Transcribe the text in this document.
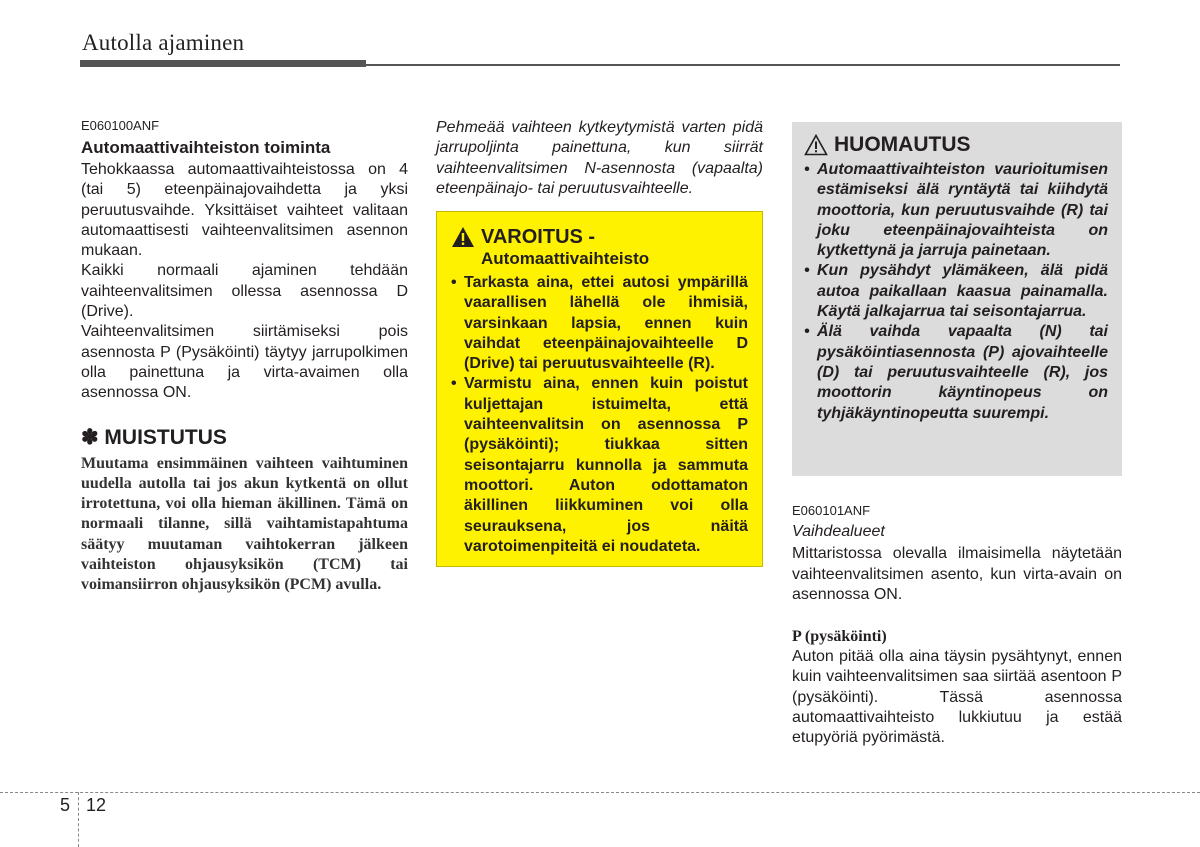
Autolla ajaminen
E060100ANF
Automaattivaihteiston toiminta

Tehokkaassa automaattivaihteistossa on 4 (tai 5) eteenpäinajovaihdetta ja yksi peruutusvaihde. Yksittäiset vaihteet valitaan automaattisesti vaihteenvalitsimen asennon mukaan.

Kaikki normaali ajaminen tehdään vaihteenvalitsimen ollessa asennossa D (Drive).

Vaihteenvalitsimen siirtämiseksi pois asennosta P (Pysäköinti) täytyy jarrupolkimen olla painettuna ja virta-avaimen olla asennossa ON.

✽ MUISTUTUS
Muutama ensimmäinen vaihteen vaihtuminen uudella autolla tai jos akun kytkentä on ollut irrotettuna, voi olla hieman äkillinen. Tämä on normaali tilanne, sillä vaihtamistapahtuma säätyy muutaman vaihtokerran jälkeen vaihteiston ohjausyksikön (TCM) tai voimansiirron ohjausyksikön (PCM) avulla.

Pehmeää vaihteen kytkeytymistä varten pidä jarrupoljinta painettuna, kun siirrät vaihteenvalitsimen N-asennosta (vapaalta) eteenpäinajo- tai peruutusvaihteelle.

VAROITUS -
Automaattivaihteisto
• Tarkasta aina, ettei autosi ympärillä vaarallisen lähellä ole ihmisiä, varsinkaan lapsia, ennen kuin vaihdat eteenpäinajovaihteelle D (Drive) tai peruutusvaihteelle (R).
• Varmistu aina, ennen kuin poistut kuljettajan istuimelta, että vaihteenvalitsin on asennossa P (pysäköinti); tiukkaa sitten seisontajarru kunnolla ja sammuta moottori. Auton odottamaton äkillinen liikkuminen voi olla seurauksena, jos näitä varotoimenpiteitä ei noudateta.
HUOMAUTUS
• Automaattivaihteiston vaurioitumisen estämiseksi älä ryntäytä tai kiihdytä moottoria, kun peruutusvaihde (R) tai joku eteenpäinajovaihteista on kytkettynä ja jarruja painetaan.
• Kun pysähdyt ylämäkeen, älä pidä autoa paikallaan kaasua painamalla. Käytä jalkajarrua tai seisontajarrua.
• Älä vaihda vapaalta (N) tai pysäköintiasennosta (P) ajovaihteelle (D) tai peruutusvaihteelle (R), jos moottorin käyntinopeus on tyhjäkäyntinopeutta suurempi.
E060101ANF
Vaihdealueet

Mittaristossa olevalla ilmaisimella näytetään vaihteenvalitsimen asento, kun virta-avain on asennossa ON.

P (pysäköinti)

Auton pitää olla aina täysin pysähtynyt, ennen kuin vaihteenvalitsimen saa siirtää asentoon P (pysäköinti). Tässä asennossa automaattivaihteisto lukkiutuu ja estää etupyöriä pyörimästä.

5 12
